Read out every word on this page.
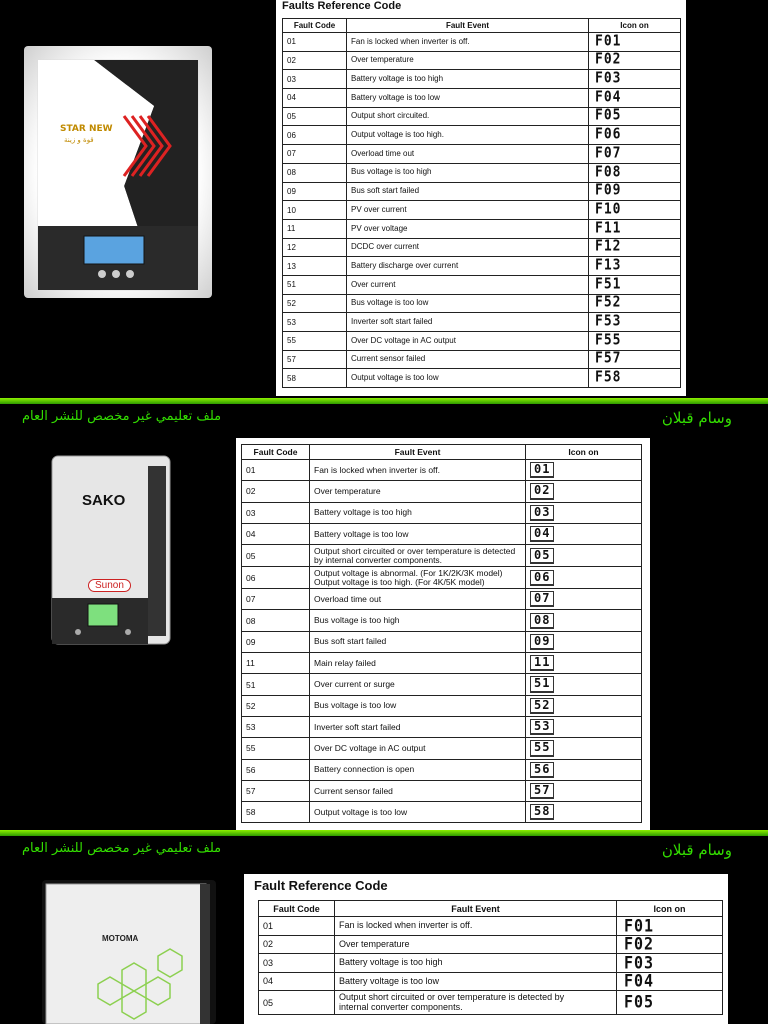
STAR NEW
قوة و زينة
Faults Reference Code
Fault Code	Fault Event	Icon on
01	Fan is locked when inverter is off.	F01
02	Over temperature	F02
03	Battery voltage is too high	F03
04	Battery voltage is too low	F04
05	Output short circuited.	F05
06	Output voltage is too high.	F06
07	Overload time out	F07
08	Bus voltage is too high	F08
09	Bus soft start failed	F09
10	PV over current	F10
11	PV over voltage	F11
12	DCDC over current	F12
13	Battery discharge over current	F13
51	Over current	F51
52	Bus voltage is too low	F52
53	Inverter soft start failed	F53
55	Over DC voltage in AC output	F55
57	Current sensor failed	F57
58	Output voltage is too low	F58
ملف تعليمي غير مخصص للنشر العام	وسام قبلان
SAKO
Sunon
Fault Code	Fault Event	Icon on
01	Fan is locked when inverter is off.	01
02	Over temperature	02
03	Battery voltage is too high	03
04	Battery voltage is too low	04
05	Output short circuited or over temperature is detected
by internal converter components.	05
06	Output voltage is abnormal. (For 1K/2K/3K model)
Output voltage is too high. (For 4K/5K model)	06
07	Overload time out	07
08	Bus voltage is too high	08
09	Bus soft start failed	09
11	Main relay failed	11
51	Over current or surge	51
52	Bus voltage is too low	52
53	Inverter soft start failed	53
55	Over DC voltage in AC output	55
56	Battery connection is open	56
57	Current sensor failed	57
58	Output voltage is too low	58
ملف تعليمي غير مخصص للنشر العام	وسام قبلان
MOTOMA
Fault Reference Code
Fault Code	Fault Event	Icon on
01	Fan is locked when inverter is off.	F01
02	Over temperature	F02
03	Battery voltage is too high	F03
04	Battery voltage is too low	F04
05	Output short circuited or over temperature is detected by
internal converter components.	F05
